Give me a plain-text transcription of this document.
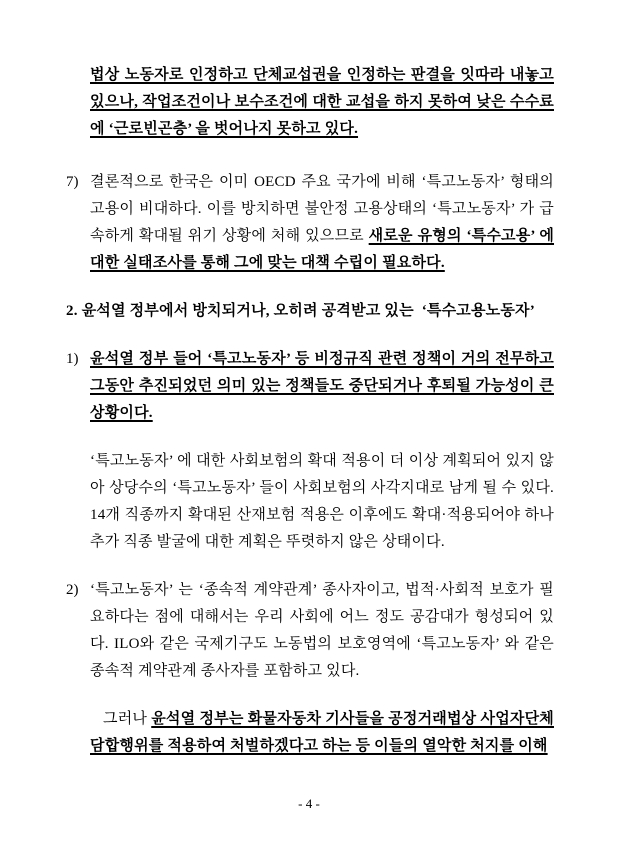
법상 노동자로 인정하고 단체교섭권을 인정하는 판결을 잇따라 내놓고 있으나, 작업조건이나 보수조건에 대한 교섭을 하지 못하여 낮은 수수료에 ‘근로빈곤층’ 을 벗어나지 못하고 있다.

7) 결론적으로 한국은 이미 OECD 주요 국가에 비해 ‘특고노동자’ 형태의 고용이 비대하다. 이를 방치하면 불안정 고용상태의 ‘특고노동자’ 가 급속하게 확대될 위기 상황에 처해 있으므로 새로운 유형의 ‘특수고용’ 에 대한 실태조사를 통해 그에 맞는 대책 수립이 필요하다.

2. 윤석열 정부에서 방치되거나, 오히려 공격받고 있는  ‘특수고용노동자’
1) 윤석열 정부 들어 ‘특고노동자’ 등 비정규직 관련 정책이 거의 전무하고 그동안 추진되었던 의미 있는 정책들도 중단되거나 후퇴될 가능성이 큰 상황이다.

‘특고노동자’ 에 대한 사회보험의 확대 적용이 더 이상 계획되어 있지 않아 상당수의 ‘특고노동자’ 들이 사회보험의 사각지대로 남게 될 수 있다. 14개 직종까지 확대된 산재보험 적용은 이후에도 확대·적용되어야 하나 추가 직종 발굴에 대한 계획은 뚜렷하지 않은 상태이다.

2) ‘특고노동자’ 는 ‘종속적 계약관계’ 종사자이고, 법적·사회적 보호가 필요하다는 점에 대해서는 우리 사회에 어느 정도 공감대가 형성되어 있다. ILO와 같은 국제기구도 노동법의 보호영역에 ‘특고노동자’ 와 같은 종속적 계약관계 종사자를 포함하고 있다.

그러나 윤석열 정부는 화물자동차 기사들을 공정거래법상 사업자단체 담합행위를 적용하여 처벌하겠다고 하는 등 이들의 열악한 처지를 이해

- 4 -
